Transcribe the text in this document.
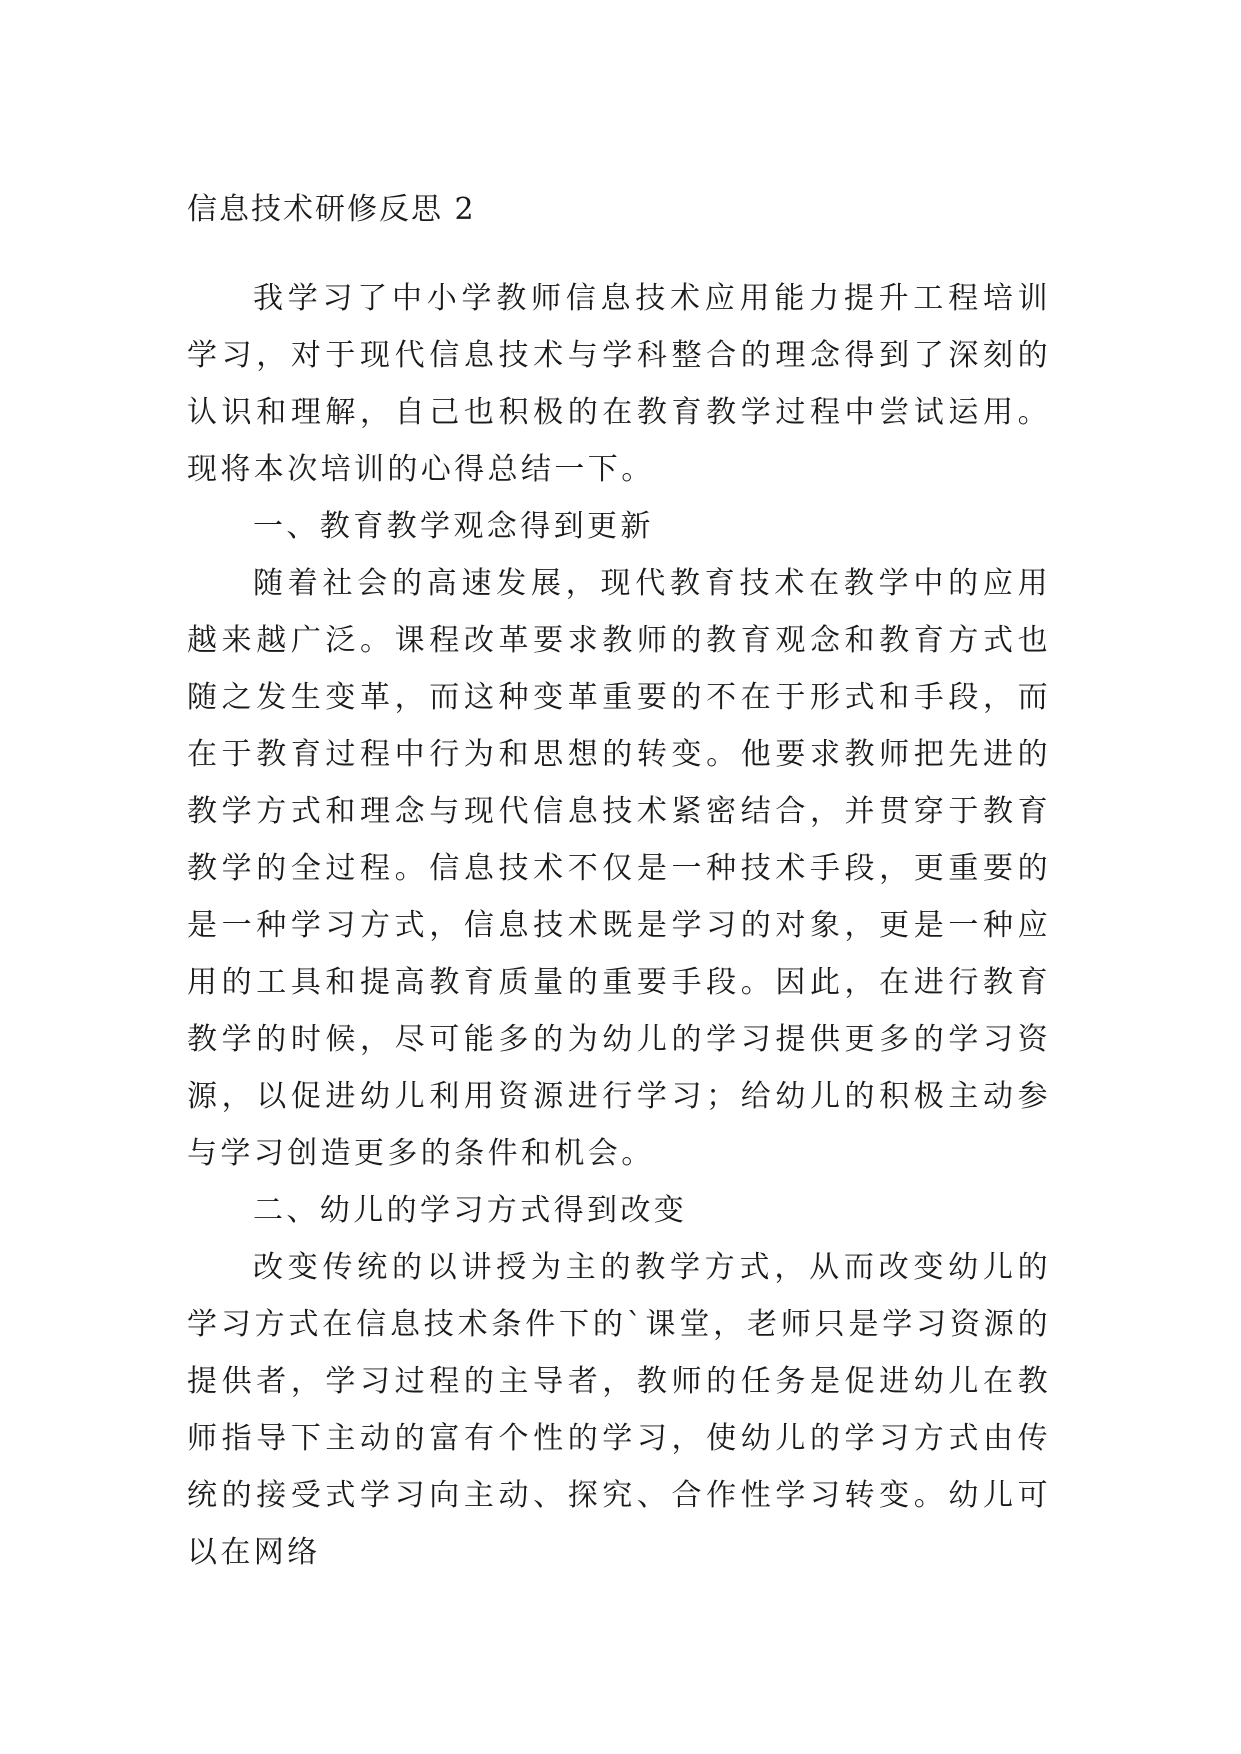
信息技术研修反思 2

我学习了中小学教师信息技术应用能力提升工程培训学习，对于现代信息技术与学科整合的理念得到了深刻的认识和理解，自己也积极的在教育教学过程中尝试运用。现将本次培训的心得总结一下。

一、教育教学观念得到更新

随着社会的高速发展，现代教育技术在教学中的应用越来越广泛。课程改革要求教师的教育观念和教育方式也随之发生变革，而这种变革重要的不在于形式和手段，而在于教育过程中行为和思想的转变。他要求教师把先进的教学方式和理念与现代信息技术紧密结合，并贯穿于教育教学的全过程。信息技术不仅是一种技术手段，更重要的是一种学习方式，信息技术既是学习的对象，更是一种应用的工具和提高教育质量的重要手段。因此，在进行教育教学的时候，尽可能多的为幼儿的学习提供更多的学习资源，以促进幼儿利用资源进行学习；给幼儿的积极主动参与学习创造更多的条件和机会。

二、幼儿的学习方式得到改变

改变传统的以讲授为主的教学方式，从而改变幼儿的学习方式在信息技术条件下的`课堂，老师只是学习资源的提供者，学习过程的主导者，教师的任务是促进幼儿在教师指导下主动的富有个性的学习，使幼儿的学习方式由传统的接受式学习向主动、探究、合作性学习转变。幼儿可以在网络
